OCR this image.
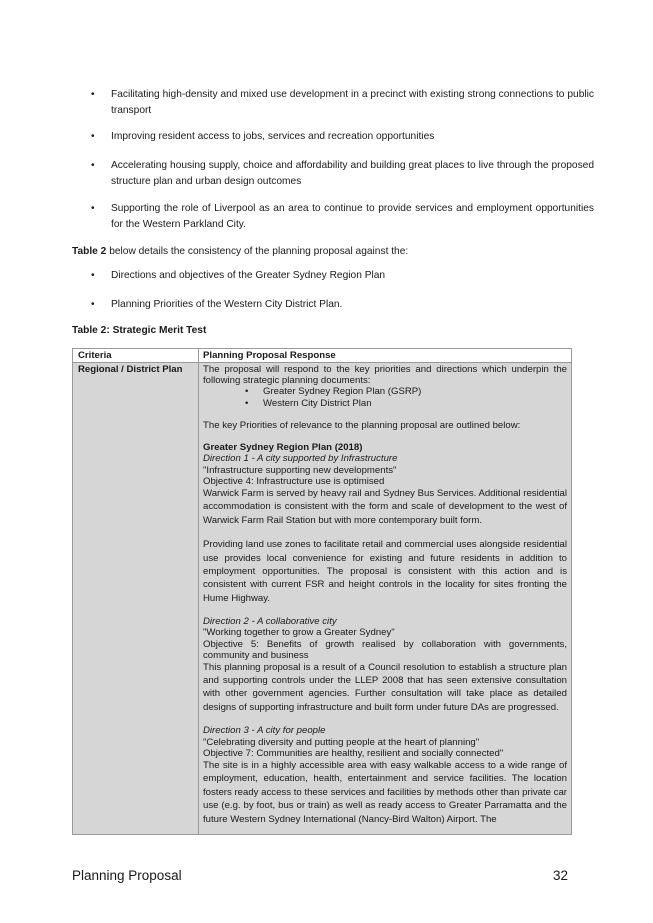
• Facilitating high-density and mixed use development in a precinct with existing strong connections to public transport
• Improving resident access to jobs, services and recreation opportunities
• Accelerating housing supply, choice and affordability and building great places to live through the proposed structure plan and urban design outcomes
• Supporting the role of Liverpool as an area to continue to provide services and employment opportunities for the Western Parkland City.
Table 2 below details the consistency of the planning proposal against the:
• Directions and objectives of the Greater Sydney Region Plan
• Planning Priorities of the Western City District Plan.
Table 2: Strategic Merit Test
Criteria	Planning Proposal Response
Regional / District Plan	The proposal will respond to the key priorities and directions which underpin the following strategic planning documents:

• Greater Sydney Region Plan (GSRP)
• Western City District Plan

The key Priorities of relevance to the planning proposal are outlined below:

Greater Sydney Region Plan (2018)

Direction 1 - A city supported by Infrastructure

"Infrastructure supporting new developments"

Objective 4: Infrastructure use is optimised

Warwick Farm is served by heavy rail and Sydney Bus Services. Additional residential accommodation is consistent with the form and scale of development to the west of Warwick Farm Rail Station but with more contemporary built form.

Providing land use zones to facilitate retail and commercial uses alongside residential use provides local convenience for existing and future residents in addition to employment opportunities. The proposal is consistent with this action and is consistent with current FSR and height controls in the locality for sites fronting the Hume Highway.

Direction 2 - A collaborative city

"Working together to grow a Greater Sydney"

Objective 5: Benefits of growth realised by collaboration with governments, community and business

This planning proposal is a result of a Council resolution to establish a structure plan and supporting controls under the LLEP 2008 that has seen extensive consultation with other government agencies. Further consultation will take place as detailed designs of supporting infrastructure and built form under future DAs are progressed.

Direction 3 - A city for people

"Celebrating diversity and putting people at the heart of planning"

Objective 7: Communities are healthy, resilient and socially connected"

The site is in a highly accessible area with easy walkable access to a wide range of employment, education, health, entertainment and service facilities. The location fosters ready access to these services and facilities by methods other than private car use (e.g. by foot, bus or train) as well as ready access to Greater Parramatta and the future Western Sydney International (Nancy-Bird Walton) Airport. The

Planning Proposal	32
